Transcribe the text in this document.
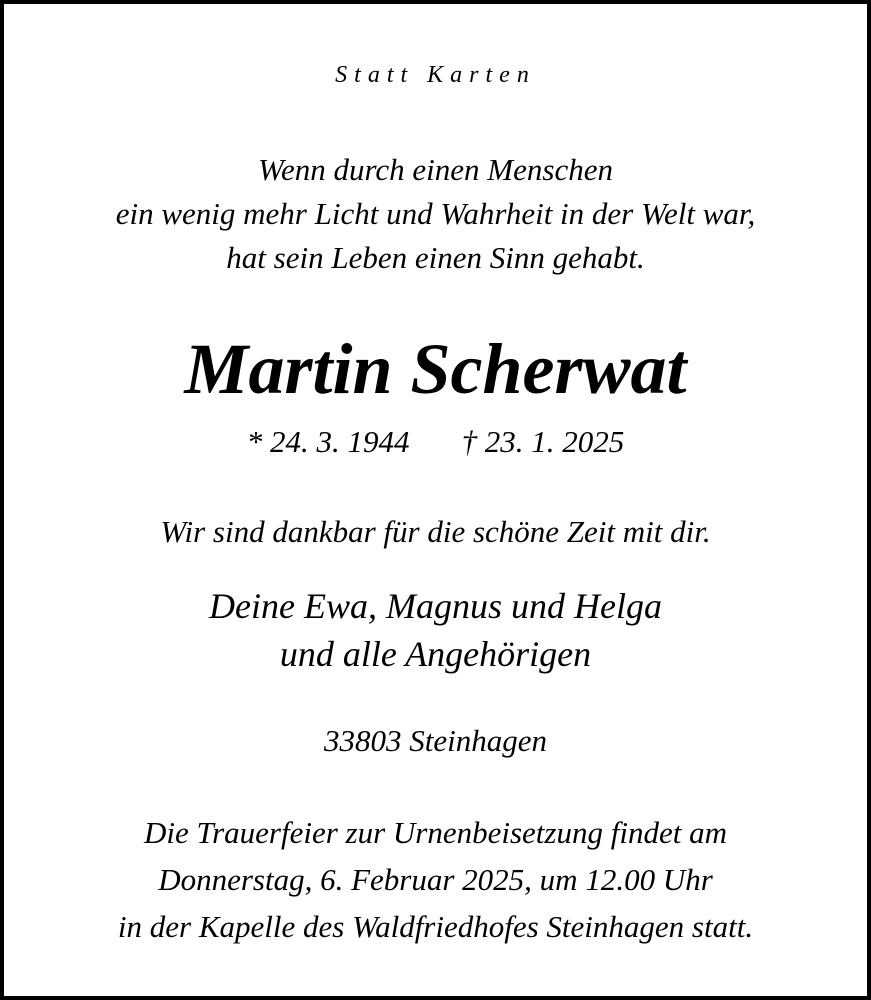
Statt Karten

Wenn durch einen Menschen
ein wenig mehr Licht und Wahrheit in der Welt war,
hat sein Leben einen Sinn gehabt.
Martin Scherwat
* 24. 3. 1944 † 23. 1. 2025

Wir sind dankbar für die schöne Zeit mit dir.

Deine Ewa, Magnus und Helga
und alle Angehörigen

33803 Steinhagen

Die Trauerfeier zur Urnenbeisetzung findet am
Donnerstag, 6. Februar 2025, um 12.00 Uhr
in der Kapelle des Waldfriedhofes Steinhagen statt.
